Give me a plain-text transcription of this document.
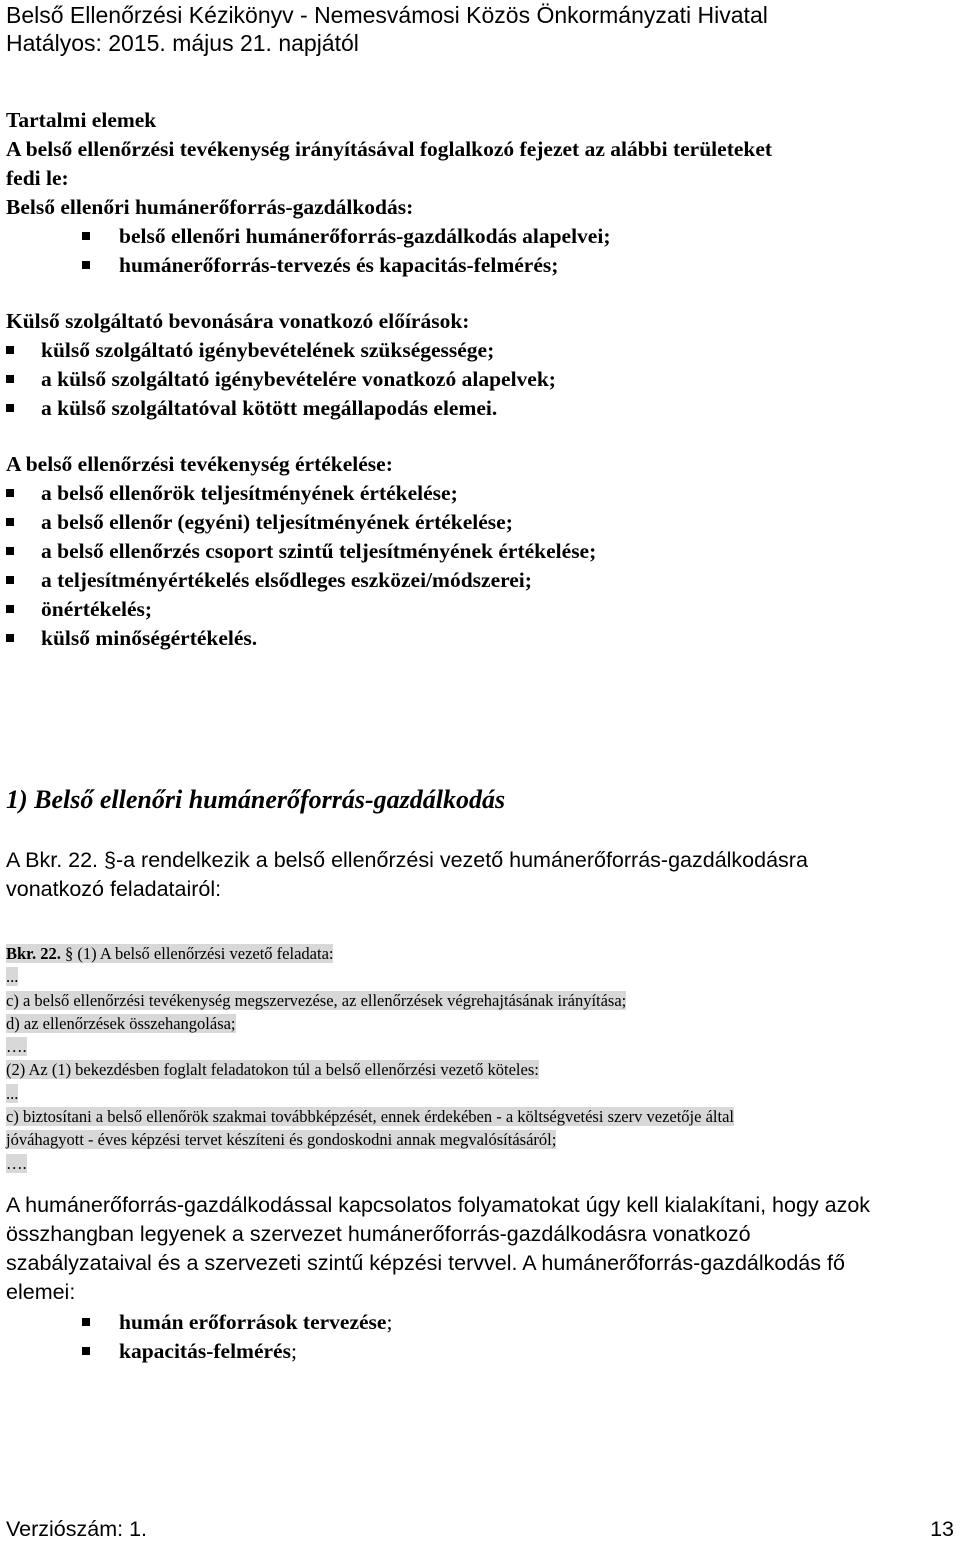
Belső Ellenőrzési Kézikönyv - Nemesvámosi Közös Önkormányzati Hivatal
Hatályos: 2015. május 21. napjától
Tartalmi elemek
A belső ellenőrzési tevékenység irányításával foglalkozó fejezet az alábbi területeket
fedi le:
Belső ellenőri humánerőforrás-gazdálkodás:
belső ellenőri humánerőforrás-gazdálkodás alapelvei;
humánerőforrás-tervezés és kapacitás-felmérés;
Külső szolgáltató bevonására vonatkozó előírások:
külső szolgáltató igénybevételének szükségessége;
a külső szolgáltató igénybevételére vonatkozó alapelvek;
a külső szolgáltatóval kötött megállapodás elemei.
A belső ellenőrzési tevékenység értékelése:
a belső ellenőrök teljesítményének értékelése;
a belső ellenőr (egyéni) teljesítményének értékelése;
a belső ellenőrzés csoport szintű teljesítményének értékelése;
a teljesítményértékelés elsődleges eszközei/módszerei;
önértékelés;
külső minőségértékelés.
1) Belső ellenőri humánerőforrás-gazdálkodás
A Bkr. 22. §-a rendelkezik a belső ellenőrzési vezető humánerőforrás-gazdálkodásra
vonatkozó feladatairól:
Bkr. 22. § (1) A belső ellenőrzési vezető feladata:
...
c) a belső ellenőrzési tevékenység megszervezése, az ellenőrzések végrehajtásának irányítása;
d) az ellenőrzések összehangolása;
….
(2) Az (1) bekezdésben foglalt feladatokon túl a belső ellenőrzési vezető köteles:
...
c) biztosítani a belső ellenőrök szakmai továbbképzését, ennek érdekében - a költségvetési szerv vezetője által
jóváhagyott - éves képzési tervet készíteni és gondoskodni annak megvalósításáról;
….
A humánerőforrás-gazdálkodással kapcsolatos folyamatokat úgy kell kialakítani, hogy azok
összhangban legyenek a szervezet humánerőforrás-gazdálkodásra vonatkozó
szabályzataival és a szervezeti szintű képzési tervvel. A humánerőforrás-gazdálkodás fő
elemei:
humán erőforrások tervezése;
kapacitás-felmérés;
Verziószám: 1.	13
